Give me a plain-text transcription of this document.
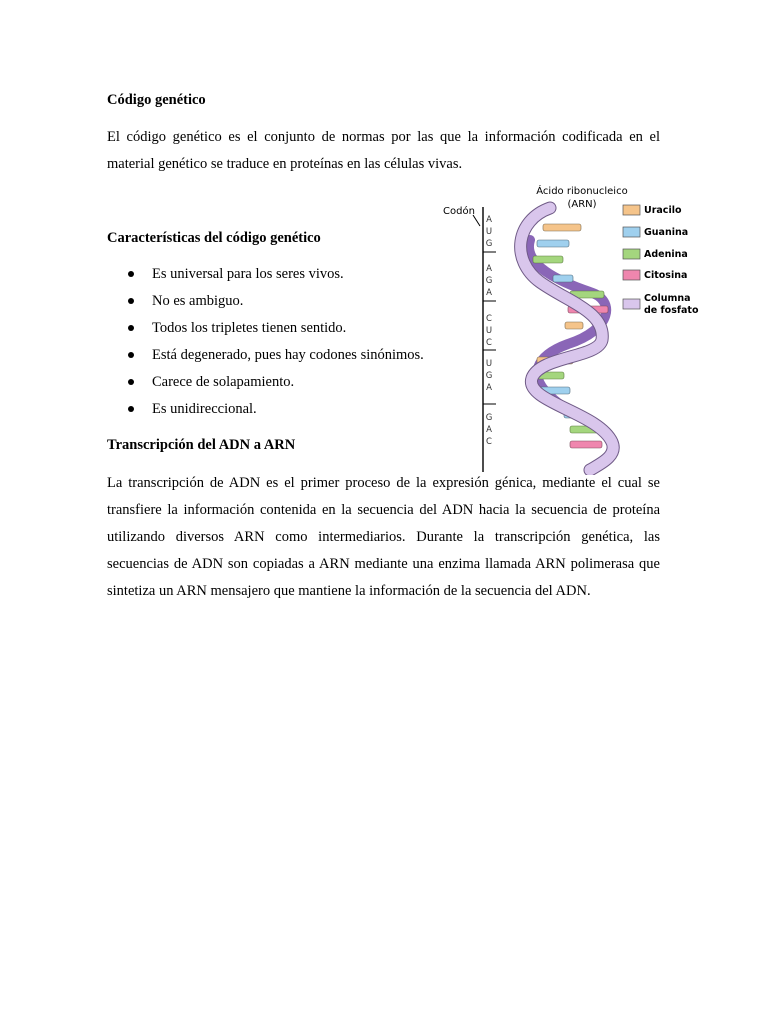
Código genético

El código genético es el conjunto de normas por las que la información codificada en el material genético se traduce en proteínas en las células vivas.

Características del código genético
Es universal para los seres vivos.
No es ambiguo.
Todos los tripletes tienen sentido.
Está degenerado, pues hay codones sinónimos.
Carece de solapamiento.
Es unidireccional.
Transcripción del ADN a ARN

La transcripción de ADN es el primer proceso de la expresión génica, mediante el cual se transfiere la información contenida en la secuencia del ADN hacia la secuencia de proteína utilizando diversos ARN como intermediarios. Durante la transcripción genética, las secuencias de ADN son copiadas a ARN mediante una enzima llamada ARN polimerasa que sintetiza un ARN mensajero que mantiene la información de la secuencia del ADN.

Ácido ribonucleico
(ARN)
Codón
A
U
G
A
G
A
C
U
C
U
G
A
G
A
C
Uracilo
Guanina
Adenina
Citosina
Columna
de fosfato
